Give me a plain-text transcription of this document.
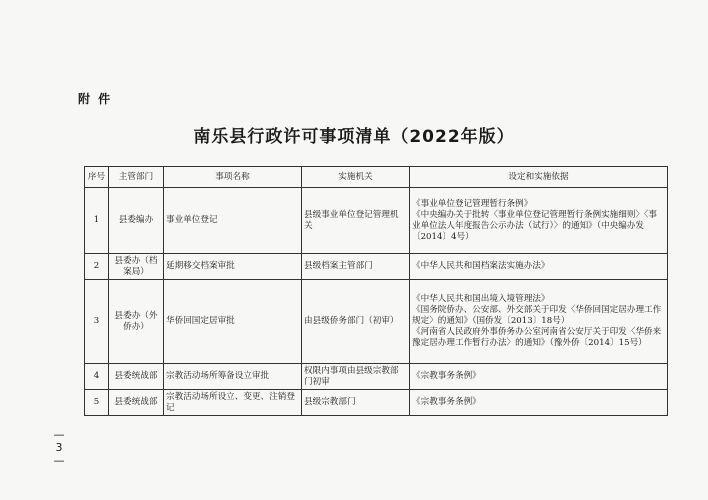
附 件
南乐县行政许可事项清单（2022年版）
序号	主管部门	事项名称	实施机关	设定和实施依据
1	县委编办	事业单位登记	县级事业单位登记管理机关	《事业单位登记管理暂行条例》
《中央编办关于批转〈事业单位登记管理暂行条例实施细则〉〈事业单位法人年度报告公示办法（试行）〉的通知》（中央编办发〔2014〕4号）

2	县委办（档案局）	延期移交档案审批	县级档案主管部门	《中华人民共和国档案法实施办法》

3	县委办（外侨办）	华侨回国定居审批	由县级侨务部门（初审）	《中华人民共和国出境入境管理法》
《国务院侨办、公安部、外交部关于印发〈华侨回国定居办理工作规定〉的通知》（国侨发〔2013〕18号）
《河南省人民政府外事侨务办公室河南省公安厅关于印发〈华侨来豫定居办理工作暂行办法〉的通知》（豫外侨〔2014〕15号）

4	县委统战部	宗教活动场所筹备设立审批	权限内事项由县级宗教部门初审	《宗教事务条例》

5	县委统战部	宗教活动场所设立、变更、注销登记	县级宗教部门	《宗教事务条例》
—
3
—
